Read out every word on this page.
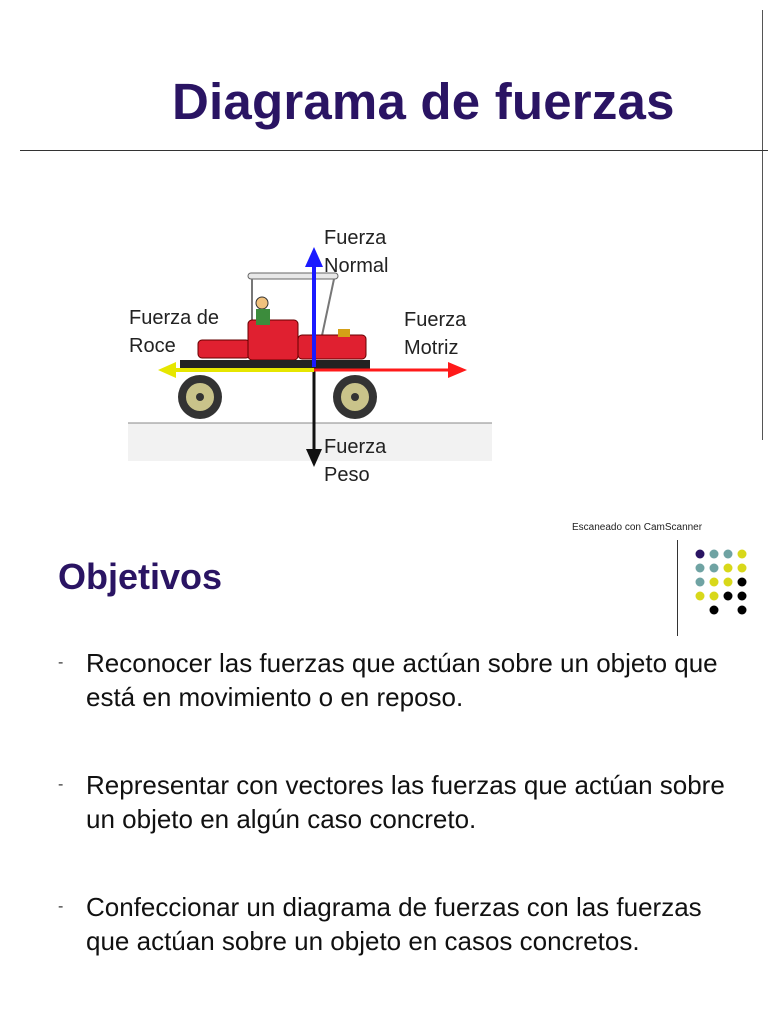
Diagrama de fuerzas
Fuerza
Normal
Fuerza de
Roce
Fuerza
Motriz
Fuerza
Peso
Escaneado con CamScanner
Objetivos
- Reconocer las fuerzas que actúan sobre un objeto que está en movimiento o en reposo.
- Representar con vectores las fuerzas que actúan sobre un objeto en algún caso concreto.
- Confeccionar un diagrama de fuerzas con las fuerzas que actúan sobre un objeto en casos concretos.
